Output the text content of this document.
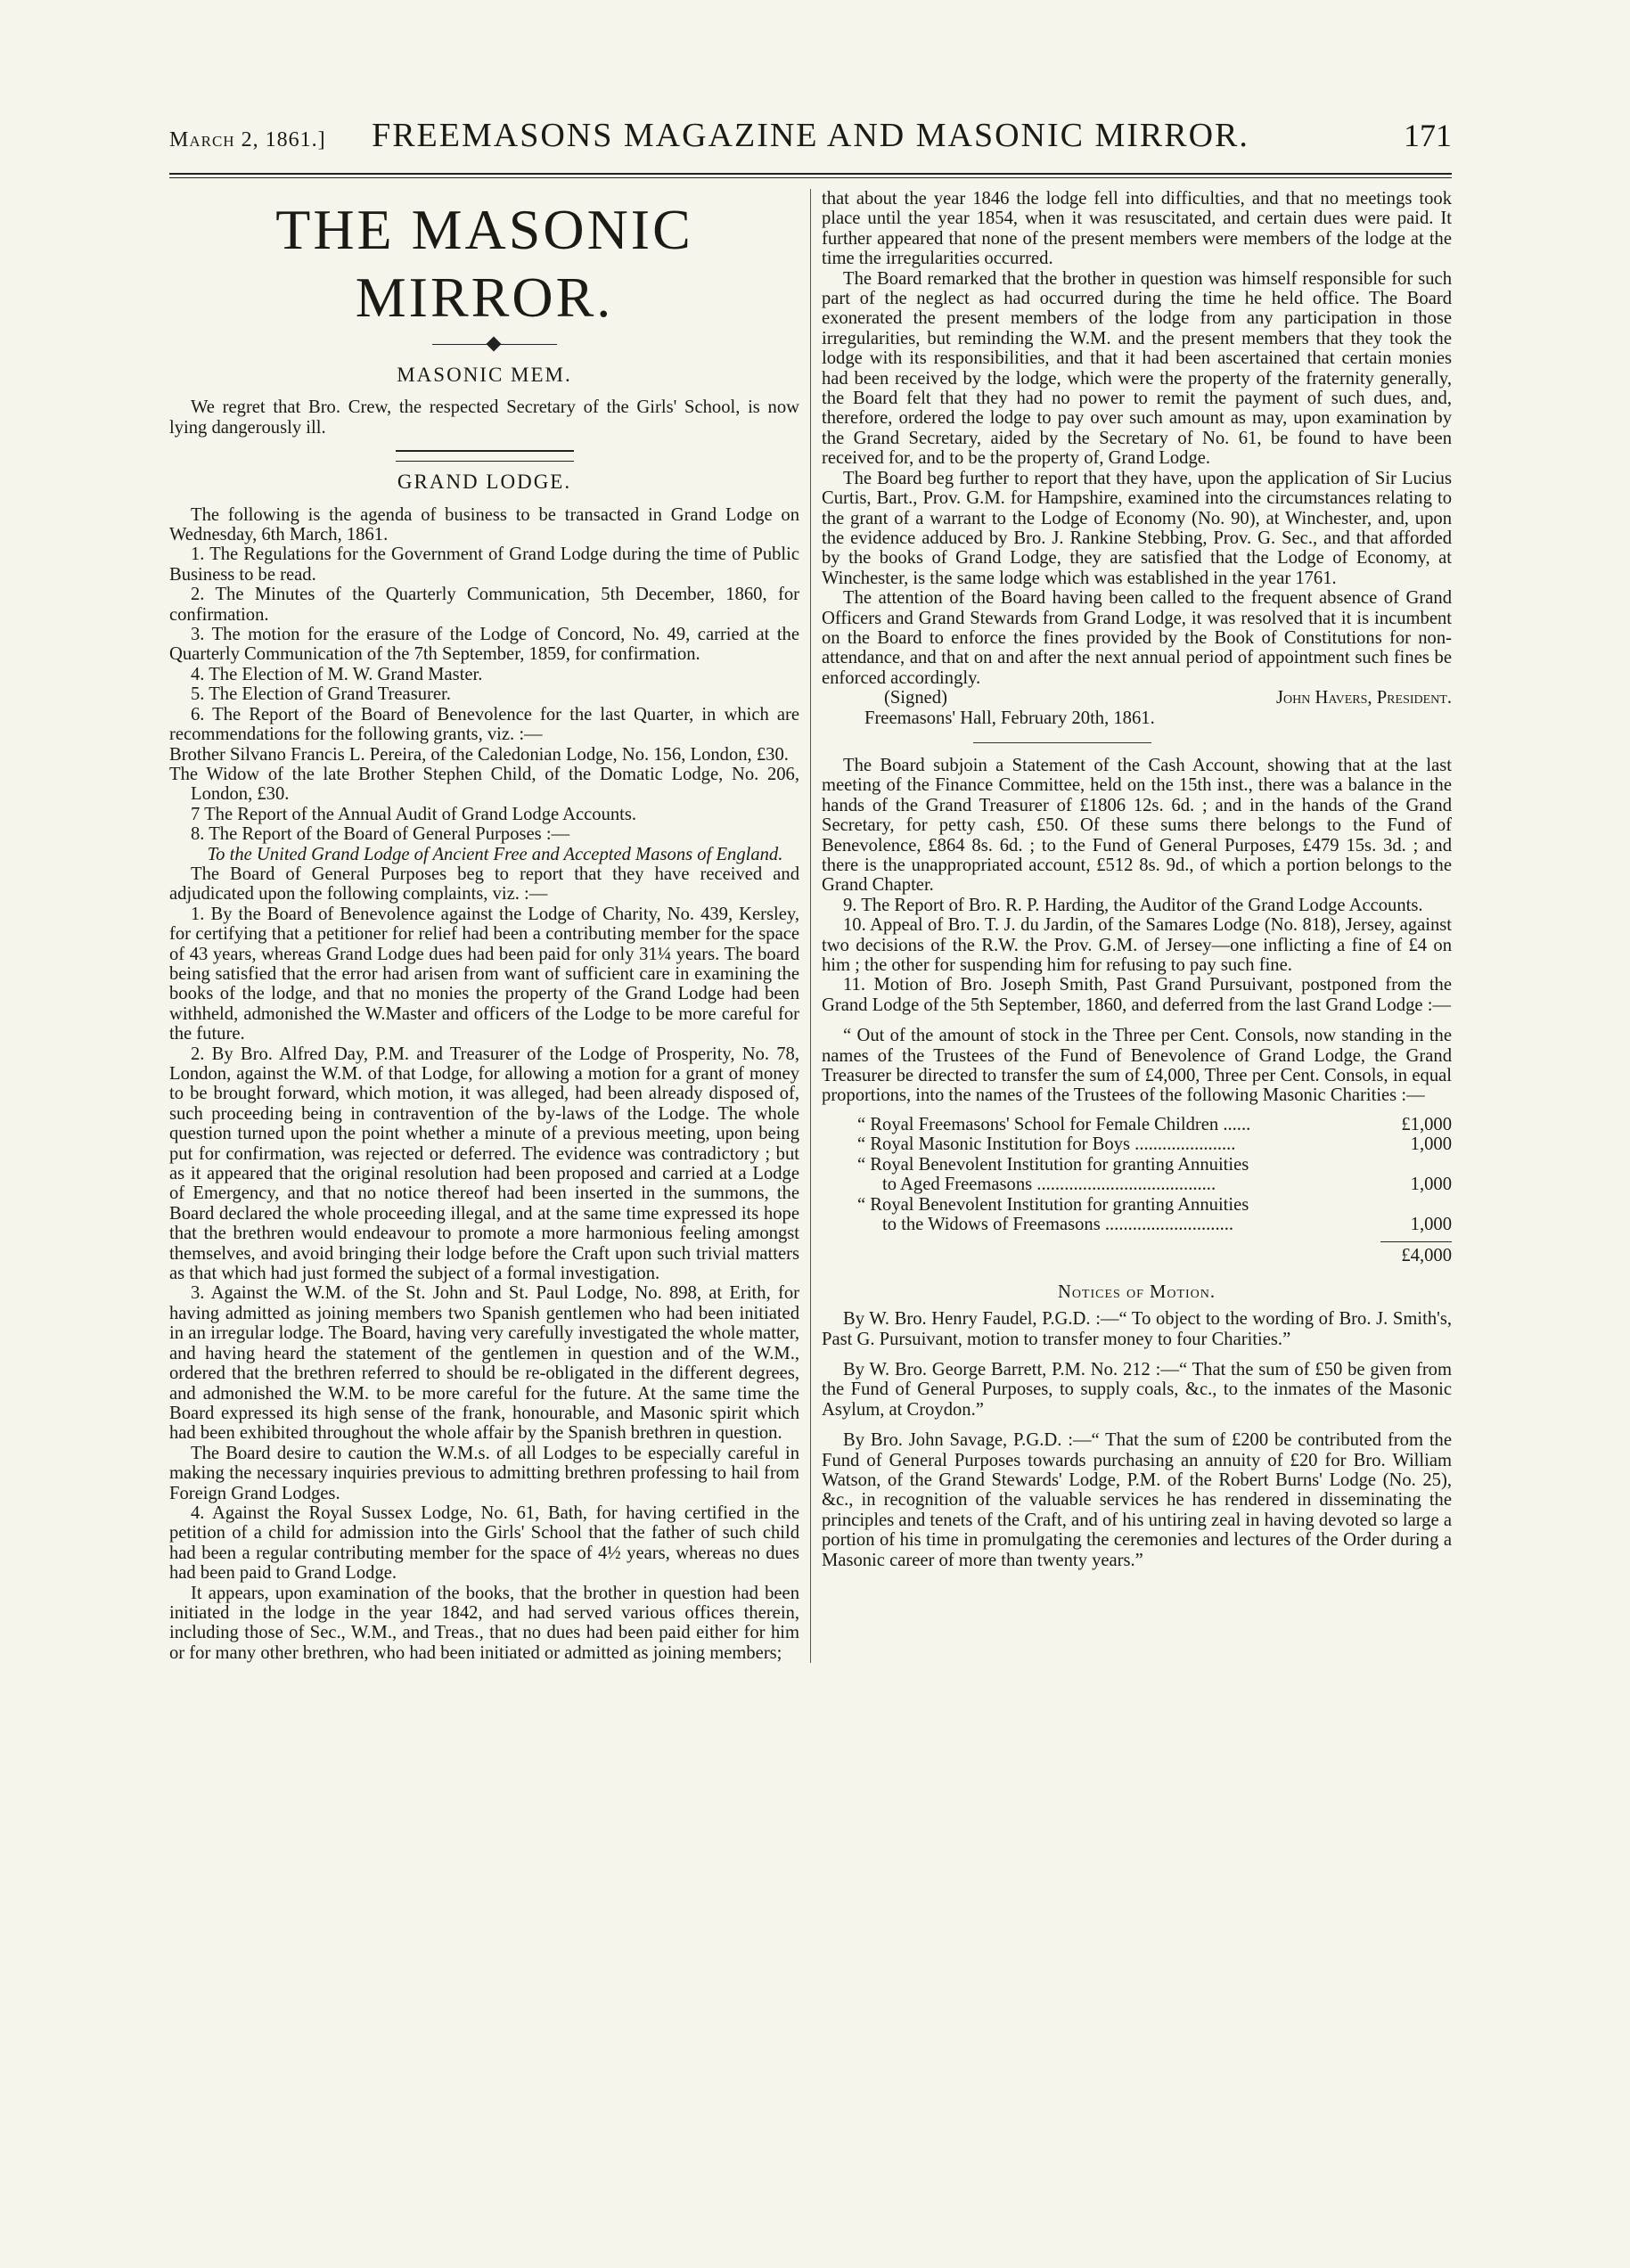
March 2, 1861.]	FREEMASONS MAGAZINE AND MASONIC MIRROR.	171
THE MASONIC MIRROR.
MASONIC MEM.

We regret that Bro. Crew, the respected Secretary of the Girls' School, is now lying dangerously ill.

GRAND LODGE.

The following is the agenda of business to be transacted in Grand Lodge on Wednesday, 6th March, 1861.

1. The Regulations for the Government of Grand Lodge during the time of Public Business to be read.

2. The Minutes of the Quarterly Communication, 5th December, 1860, for confirmation.

3. The motion for the erasure of the Lodge of Concord, No. 49, carried at the Quarterly Communication of the 7th September, 1859, for confirmation.

4. The Election of M. W. Grand Master.

5. The Election of Grand Treasurer.

6. The Report of the Board of Benevolence for the last Quarter, in which are recommendations for the following grants, viz. :—

Brother Silvano Francis L. Pereira, of the Caledonian Lodge, No. 156, London, £30.

The Widow of the late Brother Stephen Child, of the Domatic Lodge, No. 206, London, £30.

7 The Report of the Annual Audit of Grand Lodge Accounts.

8. The Report of the Board of General Purposes :—

To the United Grand Lodge of Ancient Free and Accepted Masons of England.

The Board of General Purposes beg to report that they have received and adjudicated upon the following complaints, viz. :—

1. By the Board of Benevolence against the Lodge of Charity, No. 439, Kersley, for certifying that a petitioner for relief had been a contributing member for the space of 43 years, whereas Grand Lodge dues had been paid for only 31¼ years. The board being satisfied that the error had arisen from want of sufficient care in examining the books of the lodge, and that no monies the property of the Grand Lodge had been withheld, admonished the W.Master and officers of the Lodge to be more careful for the future.

2. By Bro. Alfred Day, P.M. and Treasurer of the Lodge of Prosperity, No. 78, London, against the W.M. of that Lodge, for allowing a motion for a grant of money to be brought forward, which motion, it was alleged, had been already disposed of, such proceeding being in contravention of the by-laws of the Lodge. The whole question turned upon the point whether a minute of a previous meeting, upon being put for confirmation, was rejected or deferred. The evidence was contradictory ; but as it appeared that the original resolution had been proposed and carried at a Lodge of Emergency, and that no notice thereof had been inserted in the summons, the Board declared the whole proceeding illegal, and at the same time expressed its hope that the brethren would endeavour to promote a more harmonious feeling amongst themselves, and avoid bringing their lodge before the Craft upon such trivial matters as that which had just formed the subject of a formal investigation.

3. Against the W.M. of the St. John and St. Paul Lodge, No. 898, at Erith, for having admitted as joining members two Spanish gentlemen who had been initiated in an irregular lodge. The Board, having very carefully investigated the whole matter, and having heard the statement of the gentlemen in question and of the W.M., ordered that the brethren referred to should be re-obligated in the different degrees, and admonished the W.M. to be more careful for the future. At the same time the Board expressed its high sense of the frank, honourable, and Masonic spirit which had been exhibited throughout the whole affair by the Spanish brethren in question.

The Board desire to caution the W.M.s. of all Lodges to be especially careful in making the necessary inquiries previous to admitting brethren professing to hail from Foreign Grand Lodges.

4. Against the Royal Sussex Lodge, No. 61, Bath, for having certified in the petition of a child for admission into the Girls' School that the father of such child had been a regular contributing member for the space of 4½ years, whereas no dues had been paid to Grand Lodge.

It appears, upon examination of the books, that the brother in question had been initiated in the lodge in the year 1842, and had served various offices therein, including those of Sec., W.M., and Treas., that no dues had been paid either for him or for many other brethren, who had been initiated or admitted as joining members;

that about the year 1846 the lodge fell into difficulties, and that no meetings took place until the year 1854, when it was resuscitated, and certain dues were paid. It further appeared that none of the present members were members of the lodge at the time the irregularities occurred.

The Board remarked that the brother in question was himself responsible for such part of the neglect as had occurred during the time he held office. The Board exonerated the present members of the lodge from any participation in those irregularities, but reminding the W.M. and the present members that they took the lodge with its responsibilities, and that it had been ascertained that certain monies had been received by the lodge, which were the property of the fraternity generally, the Board felt that they had no power to remit the payment of such dues, and, therefore, ordered the lodge to pay over such amount as may, upon examination by the Grand Secretary, aided by the Secretary of No. 61, be found to have been received for, and to be the property of, Grand Lodge.

The Board beg further to report that they have, upon the application of Sir Lucius Curtis, Bart., Prov. G.M. for Hampshire, examined into the circumstances relating to the grant of a warrant to the Lodge of Economy (No. 90), at Winchester, and, upon the evidence adduced by Bro. J. Rankine Stebbing, Prov. G. Sec., and that afforded by the books of Grand Lodge, they are satisfied that the Lodge of Economy, at Winchester, is the same lodge which was established in the year 1761.

The attention of the Board having been called to the frequent absence of Grand Officers and Grand Stewards from Grand Lodge, it was resolved that it is incumbent on the Board to enforce the fines provided by the Book of Constitutions for non-attendance, and that on and after the next annual period of appointment such fines be enforced accordingly.

(Signed)	John Havers, President.
Freemasons' Hall, February 20th, 1861.

The Board subjoin a Statement of the Cash Account, showing that at the last meeting of the Finance Committee, held on the 15th inst., there was a balance in the hands of the Grand Treasurer of £1806 12s. 6d. ; and in the hands of the Grand Secretary, for petty cash, £50. Of these sums there belongs to the Fund of Benevolence, £864 8s. 6d. ; to the Fund of General Purposes, £479 15s. 3d. ; and there is the unappropriated account, £512 8s. 9d., of which a portion belongs to the Grand Chapter.

9. The Report of Bro. R. P. Harding, the Auditor of the Grand Lodge Accounts.

10. Appeal of Bro. T. J. du Jardin, of the Samares Lodge (No. 818), Jersey, against two decisions of the R.W. the Prov. G.M. of Jersey—one inflicting a fine of £4 on him ; the other for suspending him for refusing to pay such fine.

11. Motion of Bro. Joseph Smith, Past Grand Pursuivant, postponed from the Grand Lodge of the 5th September, 1860, and deferred from the last Grand Lodge :—

“ Out of the amount of stock in the Three per Cent. Consols, now standing in the names of the Trustees of the Fund of Benevolence of Grand Lodge, the Grand Treasurer be directed to transfer the sum of £4,000, Three per Cent. Consols, in equal proportions, into the names of the Trustees of the following Masonic Charities :—

“ Royal Freemasons' School for Female Children ......	£1,000
“ Royal Masonic Institution for Boys ......................	1,000
“ Royal Benevolent Institution for granting Annuities
to Aged Freemasons .......................................	1,000
“ Royal Benevolent Institution for granting Annuities
to the Widows of Freemasons ............................	1,000
£4,000
Notices of Motion.

By W. Bro. Henry Faudel, P.G.D. :—“ To object to the wording of Bro. J. Smith's, Past G. Pursuivant, motion to transfer money to four Charities.”

By W. Bro. George Barrett, P.M. No. 212 :—“ That the sum of £50 be given from the Fund of General Purposes, to supply coals, &c., to the inmates of the Masonic Asylum, at Croydon.”

By Bro. John Savage, P.G.D. :—“ That the sum of £200 be contributed from the Fund of General Purposes towards purchasing an annuity of £20 for Bro. William Watson, of the Grand Stewards' Lodge, P.M. of the Robert Burns' Lodge (No. 25), &c., in recognition of the valuable services he has rendered in disseminating the principles and tenets of the Craft, and of his untiring zeal in having devoted so large a portion of his time in promulgating the ceremonies and lectures of the Order during a Masonic career of more than twenty years.”
